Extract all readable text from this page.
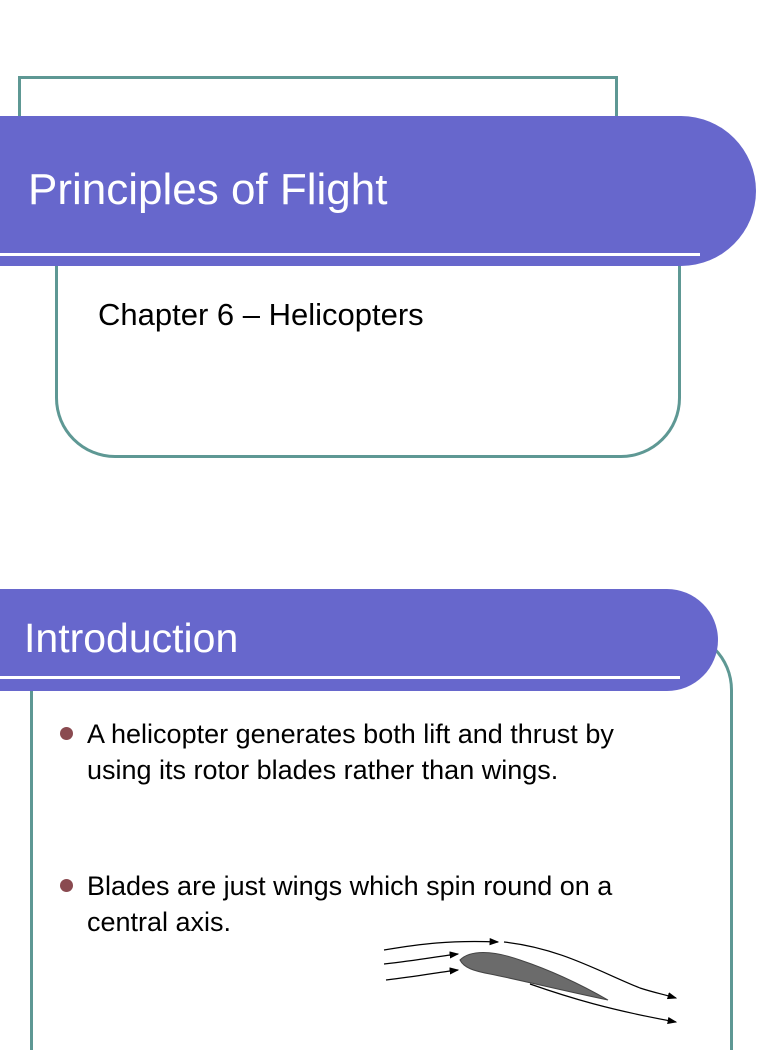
Principles of Flight
Chapter 6 – Helicopters
Introduction
A helicopter generates both lift and thrust by using its rotor blades rather than wings.
Blades are just wings which spin round on a central axis.
